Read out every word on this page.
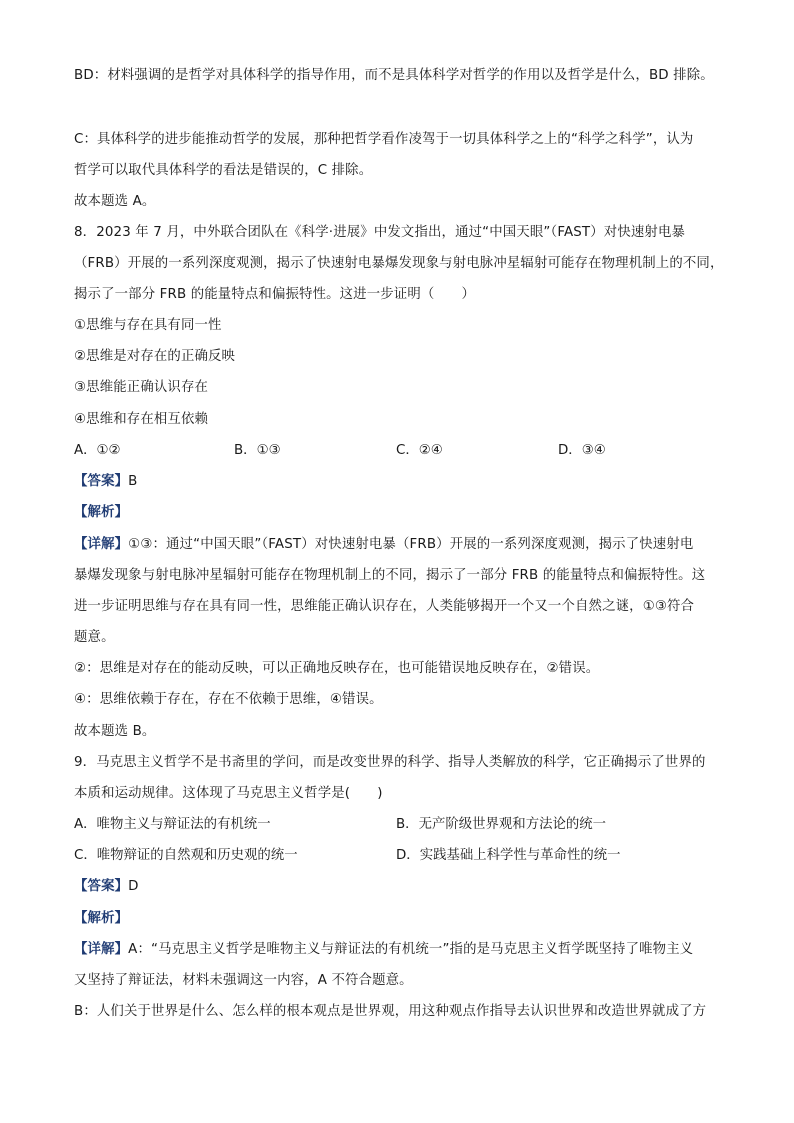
BD：材料强调的是哲学对具体科学的指导作用，而不是具体科学对哲学的作用以及哲学是什么，BD 排除。
C：具体科学的进步能推动哲学的发展，那种把哲学看作凌驾于一切具体科学之上的“科学之科学”，认为
哲学可以取代具体科学的看法是错误的，C 排除。
故本题选 A。
8．2023 年 7 月，中外联合团队在《科学·进展》中发文指出，通过“中国天眼”（FAST）对快速射电暴
（FRB）开展的一系列深度观测，揭示了快速射电暴爆发现象与射电脉冲星辐射可能存在物理机制上的不同，
揭示了一部分 FRB 的能量特点和偏振特性。这进一步证明（　　）
①思维与存在具有同一性
②思维是对存在的正确反映
③思维能正确认识存在
④思维和存在相互依赖
A．①②	B．①③	C．②④	D．③④
【答案】B
【解析】
【详解】①③：通过“中国天眼”（FAST）对快速射电暴（FRB）开展的一系列深度观测，揭示了快速射电
暴爆发现象与射电脉冲星辐射可能存在物理机制上的不同，揭示了一部分 FRB 的能量特点和偏振特性。这
进一步证明思维与存在具有同一性，思维能正确认识存在，人类能够揭开一个又一个自然之谜，①③符合
题意。
②：思维是对存在的能动反映，可以正确地反映存在，也可能错误地反映存在，②错误。
④：思维依赖于存在，存在不依赖于思维，④错误。
故本题选 B。
9．马克思主义哲学不是书斋里的学问，而是改变世界的科学、指导人类解放的科学，它正确揭示了世界的
本质和运动规律。这体现了马克思主义哲学是(　　)
A．唯物主义与辩证法的有机统一	B．无产阶级世界观和方法论的统一
C．唯物辩证的自然观和历史观的统一	D．实践基础上科学性与革命性的统一
【答案】D
【解析】
【详解】A：“马克思主义哲学是唯物主义与辩证法的有机统一”指的是马克思主义哲学既坚持了唯物主义
又坚持了辩证法，材料未强调这一内容，A 不符合题意。
B：人们关于世界是什么、怎么样的根本观点是世界观，用这种观点作指导去认识世界和改造世界就成了方
